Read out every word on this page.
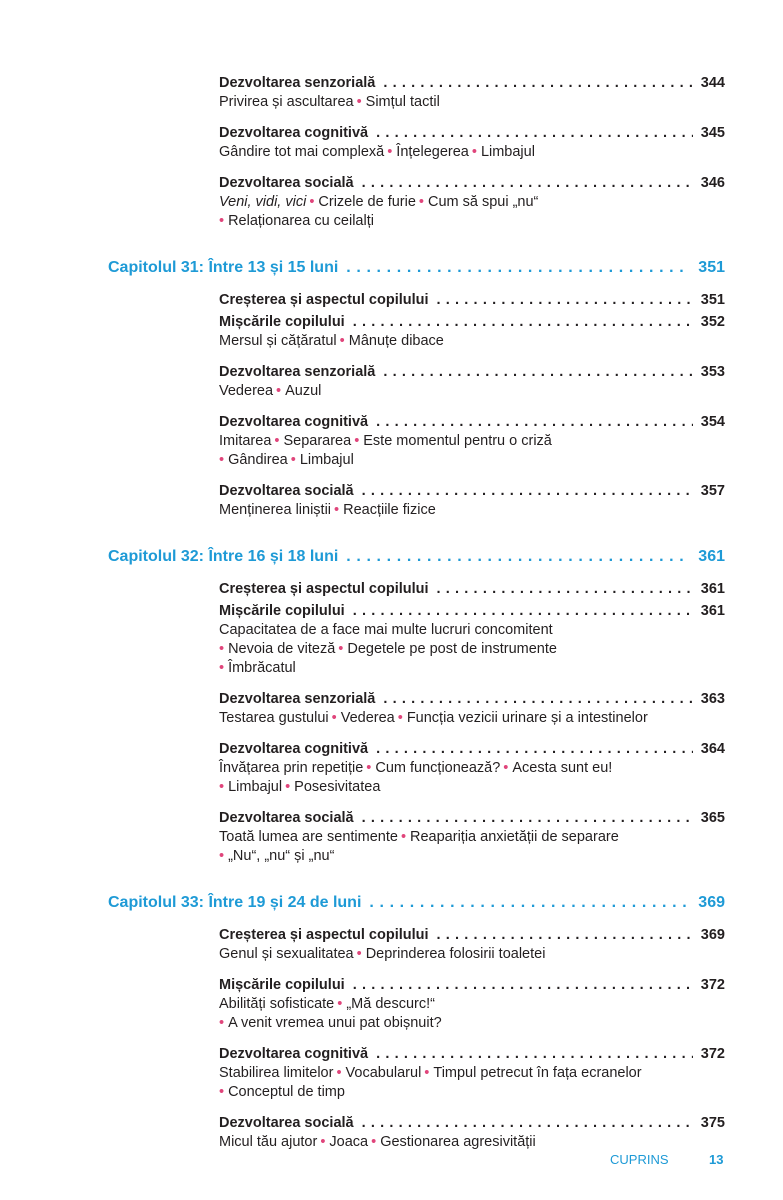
Dezvoltarea senzorială . . .	344
Privirea și ascultarea • Simțul tactil
Dezvoltarea cognitivă . . .	345
Gândire tot mai complexă • Înțelegerea • Limbajul
Dezvoltarea socială . . .	346
Veni, vidi, vici • Crizele de furie • Cum să spui „nu“
• Relaționarea cu ceilalți
Capitolul 31: Între 13 și 15 luni . . .	351
Creșterea și aspectul copilului . . .	351
Mișcările copilului . . .	352
Mersul și cățăratul • Mânuțe dibace
Dezvoltarea senzorială . . .	353
Vederea • Auzul
Dezvoltarea cognitivă . . .	354
Imitarea • Separarea • Este momentul pentru o criză
• Gândirea • Limbajul
Dezvoltarea socială . . .	357
Menținerea liniștii • Reacțiile fizice
Capitolul 32: Între 16 și 18 luni . . .	361
Creșterea și aspectul copilului . . .	361
Mișcările copilului . . .	361
Capacitatea de a face mai multe lucruri concomitent
• Nevoia de viteză • Degetele pe post de instrumente
• Îmbrăcatul
Dezvoltarea senzorială . . .	363
Testarea gustului • Vederea • Funcția vezicii urinare și a intestinelor
Dezvoltarea cognitivă . . .	364
Învățarea prin repetiție • Cum funcționează? • Acesta sunt eu!
• Limbajul • Posesivitatea
Dezvoltarea socială . . .	365
Toată lumea are sentimente • Reapariția anxietății de separare
• „Nu“, „nu“ și „nu“
Capitolul 33: Între 19 și 24 de luni . . .	369
Creșterea și aspectul copilului . . .	369
Genul și sexualitatea • Deprinderea folosirii toaletei
Mișcările copilului . . .	372
Abilități sofisticate • „Mă descurc!“
• A venit vremea unui pat obișnuit?
Dezvoltarea cognitivă . . .	372
Stabilirea limitelor • Vocabularul • Timpul petrecut în fața ecranelor
• Conceptul de timp
Dezvoltarea socială . . .	375
Micul tău ajutor • Joaca • Gestionarea agresivității
CUPRINS	13
